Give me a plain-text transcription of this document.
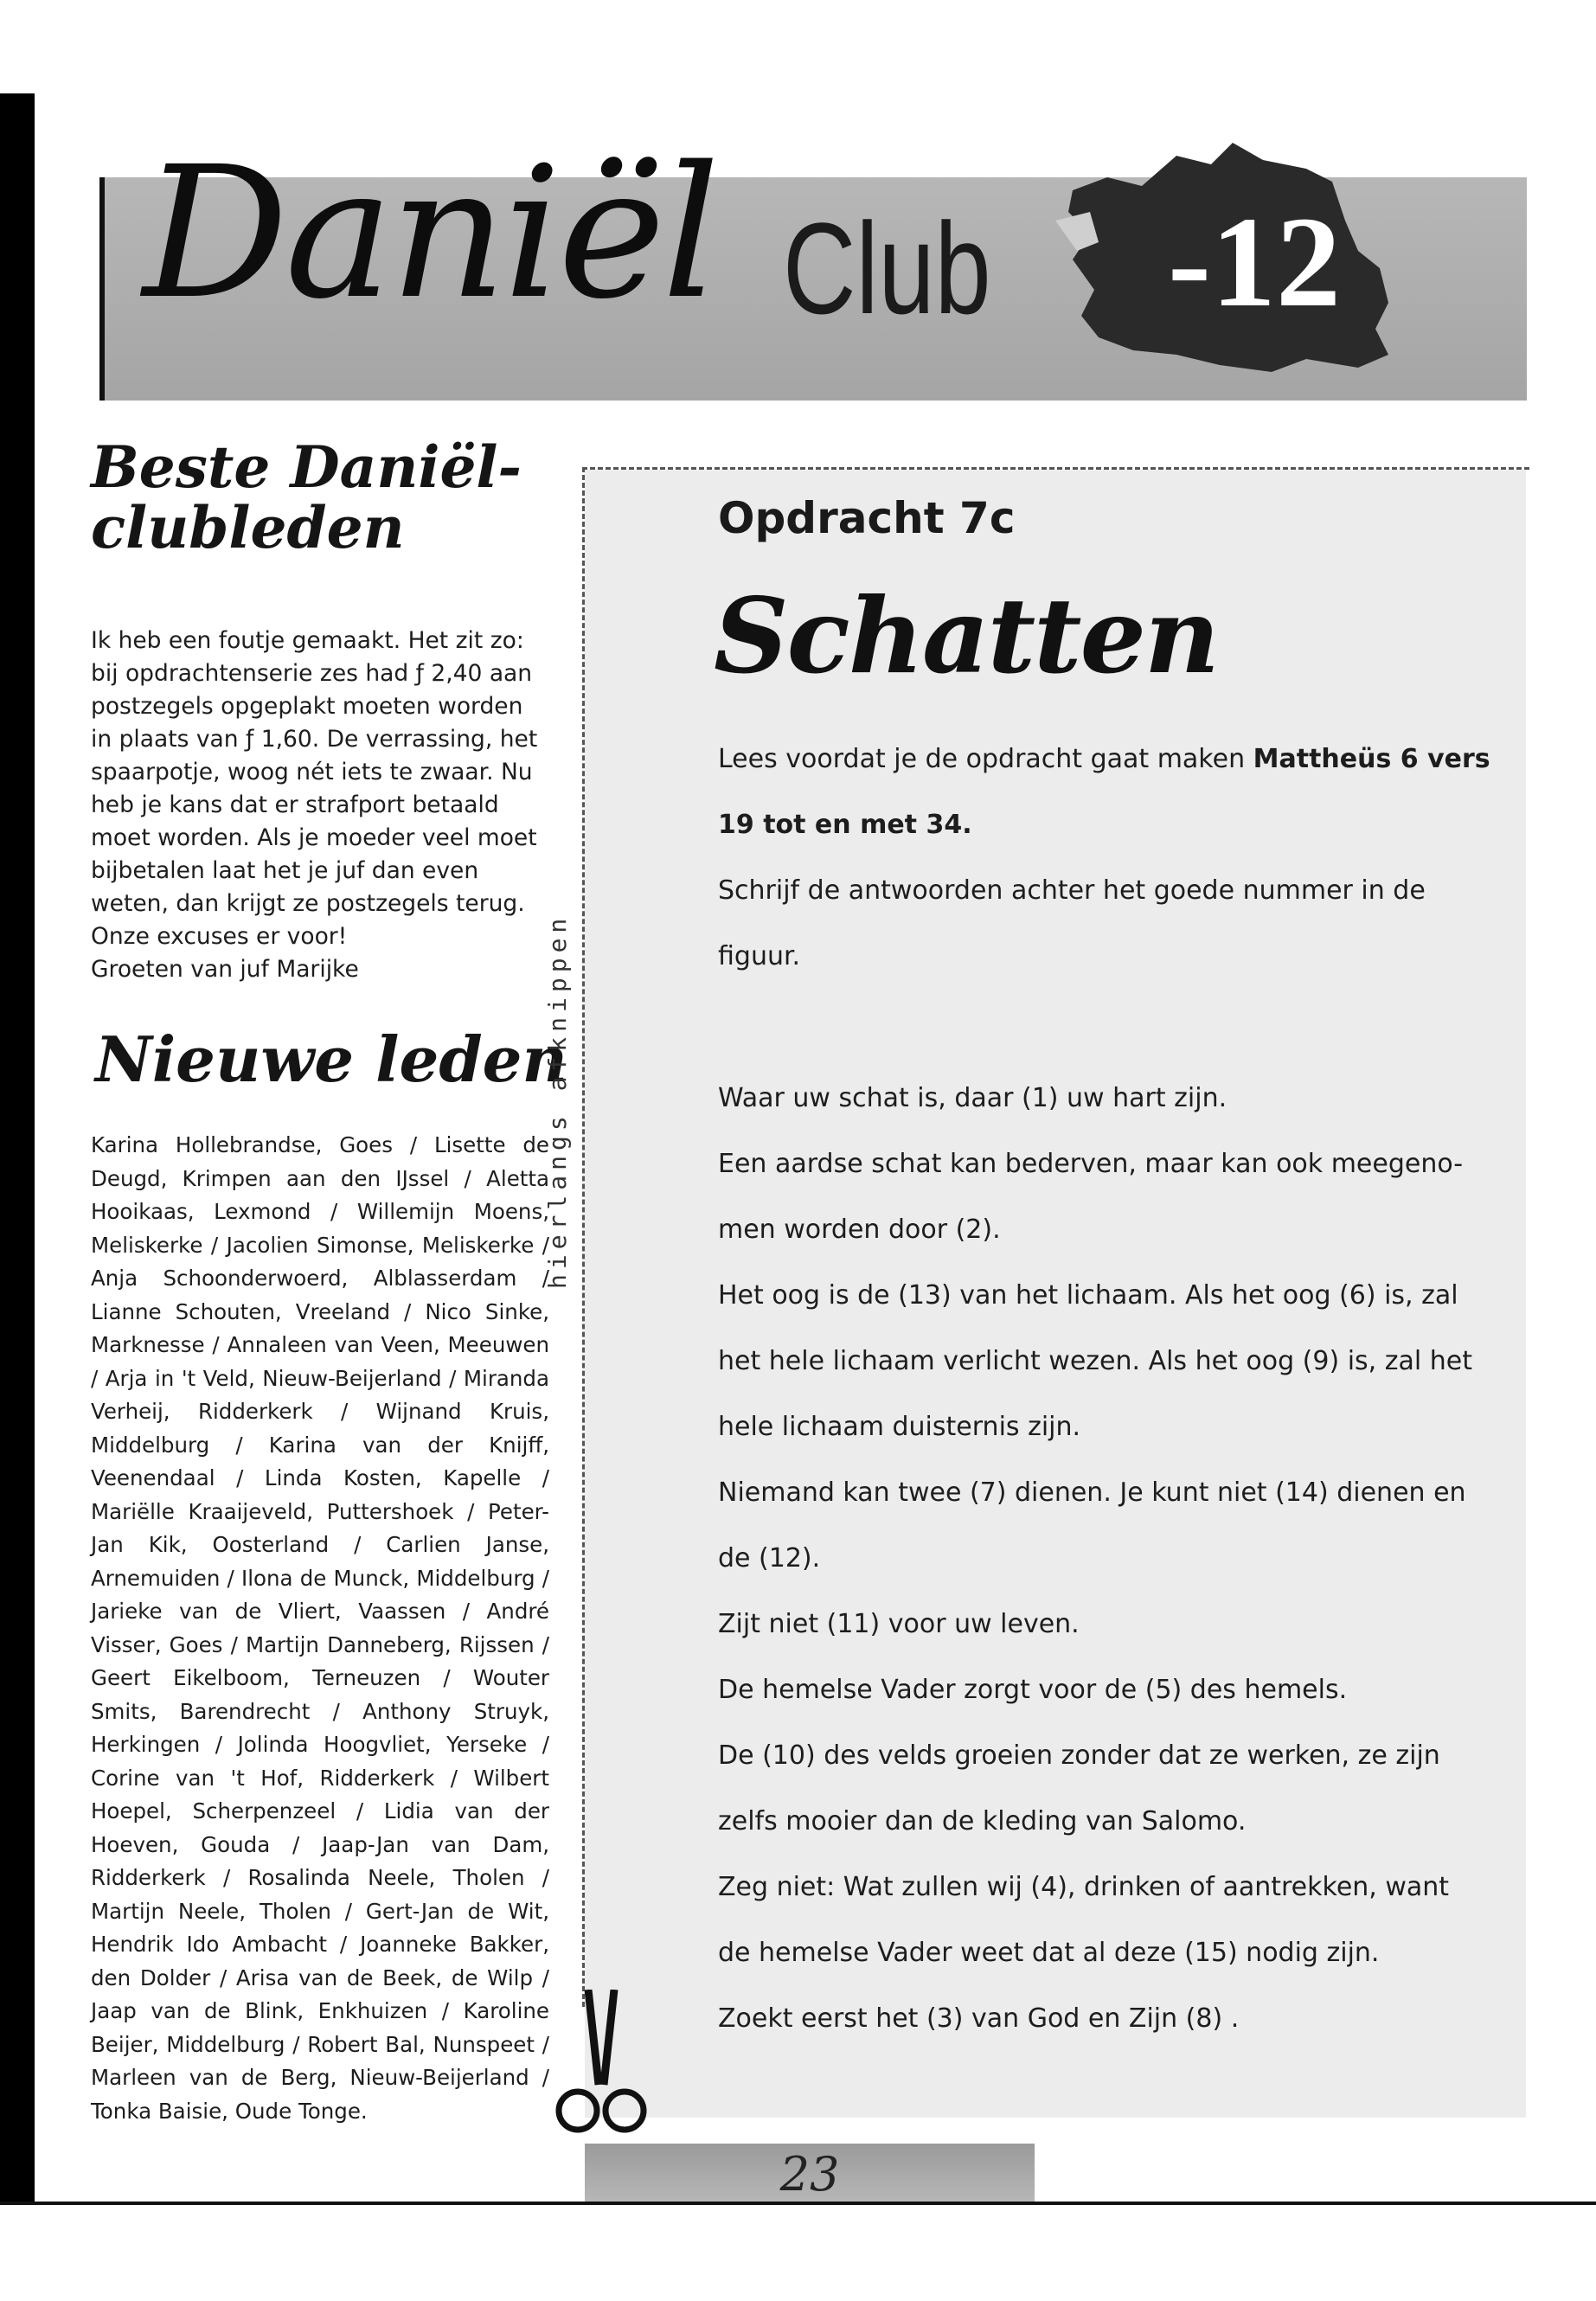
Daniël Club -12
Beste Daniël-clubleden
Ik heb een foutje gemaakt. Het zit zo: bij opdrachtenserie zes had ƒ 2,40 aan postzegels opgeplakt moeten worden in plaats van ƒ 1,60. De verrassing, het spaarpotje, woog nét iets te zwaar. Nu heb je kans dat er strafport betaald moet worden. Als je moeder veel moet bijbetalen laat het je juf dan even weten, dan krijgt ze postzegels terug. Onze excuses er voor!
Groeten van juf Marijke
Nieuwe leden
Karina Hollebrandse, Goes / Lisette de Deugd, Krimpen aan den IJssel / Aletta Hooikaas, Lexmond / Willemijn Moens, Meliskerke / Jacolien Simonse, Meliskerke / Anja Schoonderwoerd, Alblasserdam / Lianne Schouten, Vreeland / Nico Sinke, Marknesse / Annaleen van Veen, Meeuwen / Arja in 't Veld, Nieuw-Beijerland / Miranda Verheij, Ridderkerk / Wijnand Kruis, Middelburg / Karina van der Knijff, Veenendaal / Linda Kosten, Kapelle / Mariëlle Kraaijeveld, Puttershoek / Peter-Jan Kik, Oosterland / Carlien Janse, Arnemuiden / Ilona de Munck, Middelburg / Jarieke van de Vliert, Vaassen / André Visser, Goes / Martijn Danneberg, Rijssen / Geert Eikelboom, Terneuzen / Wouter Smits, Barendrecht / Anthony Struyk, Herkingen / Jolinda Hoogvliet, Yerseke / Corine van 't Hof, Ridderkerk / Wilbert Hoepel, Scherpenzeel / Lidia van der Hoeven, Gouda / Jaap-Jan van Dam, Ridderkerk / Rosalinda Neele, Tholen / Martijn Neele, Tholen / Gert-Jan de Wit, Hendrik Ido Ambacht / Joanneke Bakker, den Dolder / Arisa van de Beek, de Wilp / Jaap van de Blink, Enkhuizen / Karoline Beijer, Middelburg / Robert Bal, Nunspeet / Marleen van de Berg, Nieuw-Beijerland / Tonka Baisie, Oude Tonge.
hierlangs afknippen
Opdracht 7c
Schatten
Lees voordat je de opdracht gaat maken Mattheüs 6 vers
19 tot en met 34.
Schrijf de antwoorden achter het goede nummer in de
figuur.
Waar uw schat is, daar (1) uw hart zijn.
Een aardse schat kan bederven, maar kan ook meegeno-
men worden door (2).
Het oog is de (13) van het lichaam. Als het oog (6) is, zal
het hele lichaam verlicht wezen. Als het oog (9) is, zal het
hele lichaam duisternis zijn.
Niemand kan twee (7) dienen. Je kunt niet (14) dienen en
de (12).
Zijt niet (11) voor uw leven.
De hemelse Vader zorgt voor de (5) des hemels.
De (10) des velds groeien zonder dat ze werken, ze zijn
zelfs mooier dan de kleding van Salomo.
Zeg niet: Wat zullen wij (4), drinken of aantrekken, want
de hemelse Vader weet dat al deze (15) nodig zijn.
Zoekt eerst het (3) van God en Zijn (8) .
23
